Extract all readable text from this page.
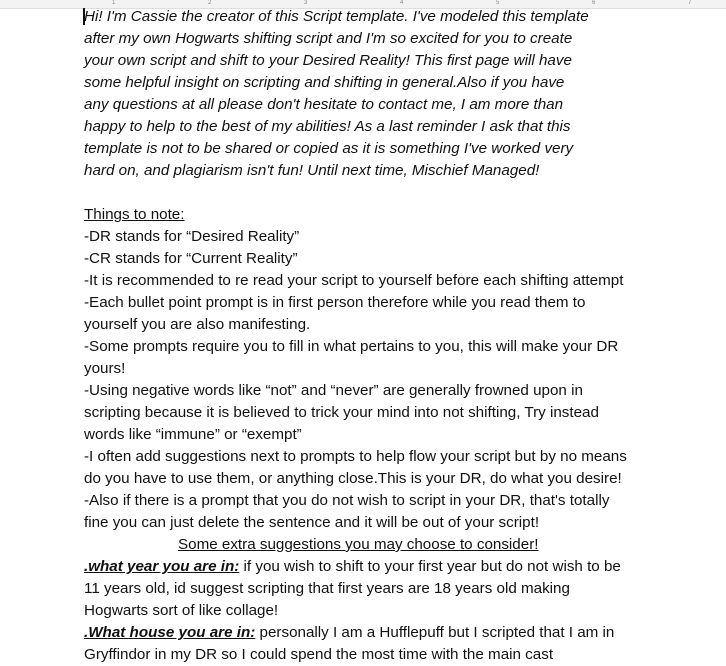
1	2	3	4	5	6	7

Hi! I'm Cassie the creator of this Script template. I've modeled this template

after my own Hogwarts shifting script and I'm so excited for you to create

your own script and shift to your Desired Reality! This first page will have

some helpful insight on scripting and shifting in general.Also if you have

any questions at all please don't hesitate to contact me, I am more than

happy to help to the best of my abilities! As a last reminder I ask that this

template is not to be shared or copied as it is something I've worked very

hard on, and plagiarism isn't fun! Until next time, Mischief Managed!

Things to note:

-DR stands for “Desired Reality”

-CR stands for “Current Reality”

-It is recommended to re read your script to yourself before each shifting attempt

-Each bullet point prompt is in first person therefore while you read them to

yourself you are also manifesting.

-Some prompts require you to fill in what pertains to you, this will make your DR

yours!

-Using negative words like “not” and “never” are generally frowned upon in

scripting because it is believed to trick your mind into not shifting, Try instead

words like “immune” or “exempt”

-I often add suggestions next to prompts to help flow your script but by no means

do you have to use them, or anything close.This is your DR, do what you desire!

-Also if there is a prompt that you do not wish to script in your DR, that's totally

fine you can just delete the sentence and it will be out of your script!

Some extra suggestions you may choose to consider!

.what year you are in: if you wish to shift to your first year but do not wish to be

11 years old, id suggest scripting that first years are 18 years old making

Hogwarts sort of like collage!

.What house you are in: personally I am a Hufflepuff but I scripted that I am in

Gryffindor in my DR so I could spend the most time with the main cast
